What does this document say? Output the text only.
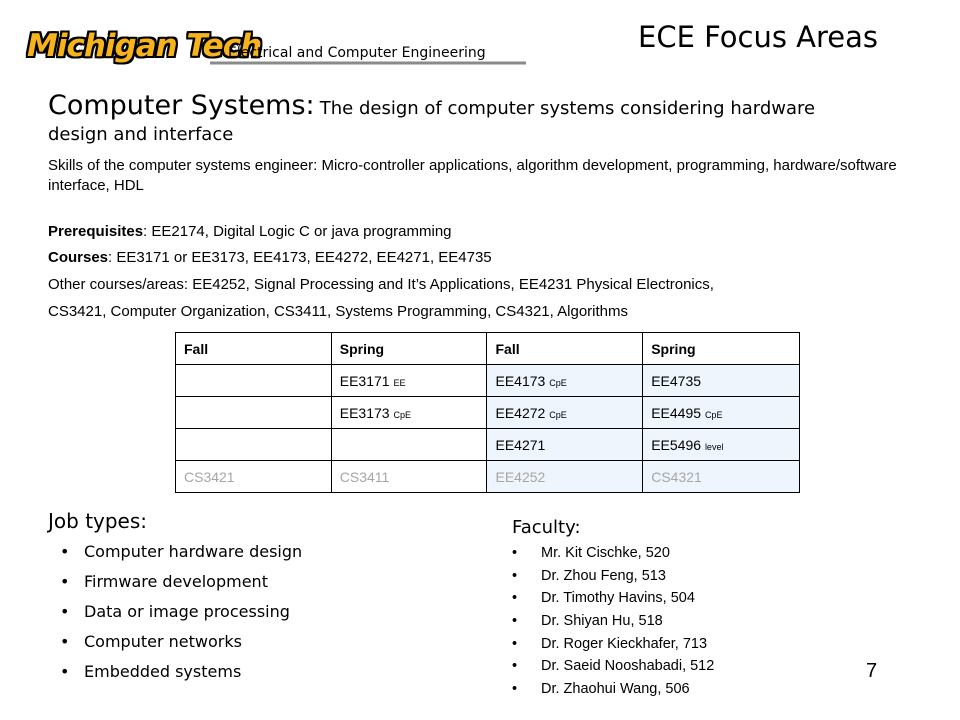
Michigan Tech
Electrical and Computer Engineering	ECE Focus Areas
Computer Systems: The design of computer systems considering hardware
design and interface
Skills of the computer systems engineer: Micro-controller applications, algorithm development, programming, hardware/software interface, HDL
Prerequisites: EE2174, Digital Logic C or java programming
Courses: EE3171 or EE3173, EE4173, EE4272, EE4271, EE4735
Other courses/areas: EE4252, Signal Processing and It’s Applications, EE4231 Physical Electronics,
CS3421, Computer Organization, CS3411, Systems Programming, CS4321, Algorithms
Fall	Spring	Fall	Spring
	EE3171 EE	EE4173 CpE	EE4735
	EE3173 CpE	EE4272 CpE	EE4495 CpE
		EE4271	EE5496 level
CS3421	CS3411	EE4252	CS4321
Job types:
• Computer hardware design
• Firmware development
• Data or image processing
• Computer networks
• Embedded systems
Faculty:
• Mr. Kit Cischke, 520
• Dr. Zhou Feng, 513
• Dr. Timothy Havins, 504
• Dr. Shiyan Hu, 518
• Dr. Roger Kieckhafer, 713
• Dr. Saeid Nooshabadi, 512
• Dr. Zhaohui Wang, 506
7
